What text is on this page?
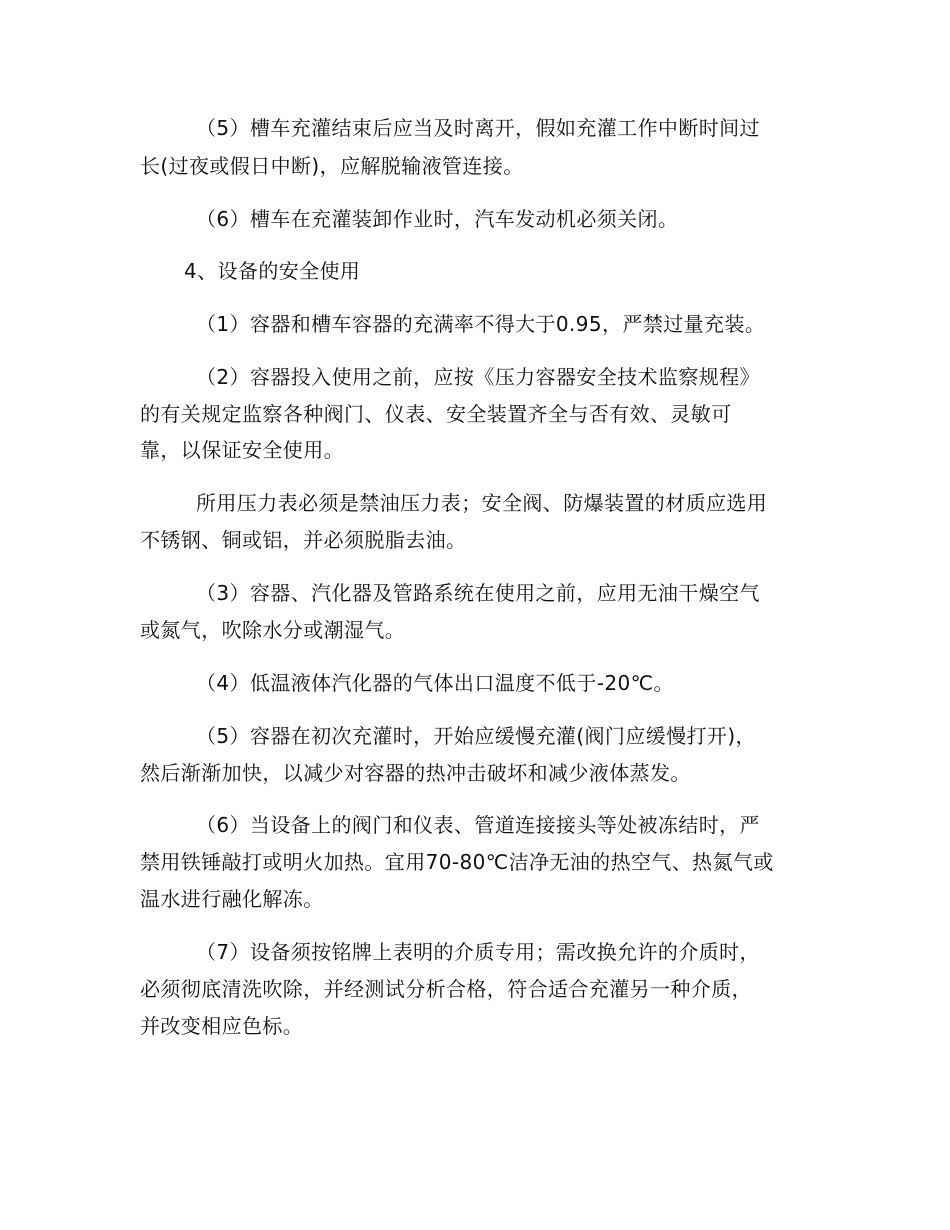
（5）槽车充灌结束后应当及时离开，假如充灌工作中断时间过

长(过夜或假日中断)，应解脱输液管连接。

（6）槽车在充灌装卸作业时，汽车发动机必须关闭。

4、设备的安全使用

（1）容器和槽车容器的充满率不得大于0.95，严禁过量充装。

（2）容器投入使用之前，应按《压力容器安全技术监察规程》

的有关规定监察各种阀门、仪表、安全装置齐全与否有效、灵敏可

靠，以保证安全使用。

所用压力表必须是禁油压力表；安全阀、防爆装置的材质应选用

不锈钢、铜或铝，并必须脱脂去油。

（3）容器、汽化器及管路系统在使用之前，应用无油干燥空气

或氮气，吹除水分或潮湿气。

（4）低温液体汽化器的气体出口温度不低于-20℃。

（5）容器在初次充灌时，开始应缓慢充灌(阀门应缓慢打开)，

然后渐渐加快，以减少对容器的热冲击破坏和减少液体蒸发。

（6）当设备上的阀门和仪表、管道连接接头等处被冻结时，严

禁用铁锤敲打或明火加热。宜用70-80℃洁净无油的热空气、热氮气或

温水进行融化解冻。

（7）设备须按铭牌上表明的介质专用；需改换允许的介质时，

必须彻底清洗吹除，并经测试分析合格，符合适合充灌另一种介质，

并改变相应色标。
